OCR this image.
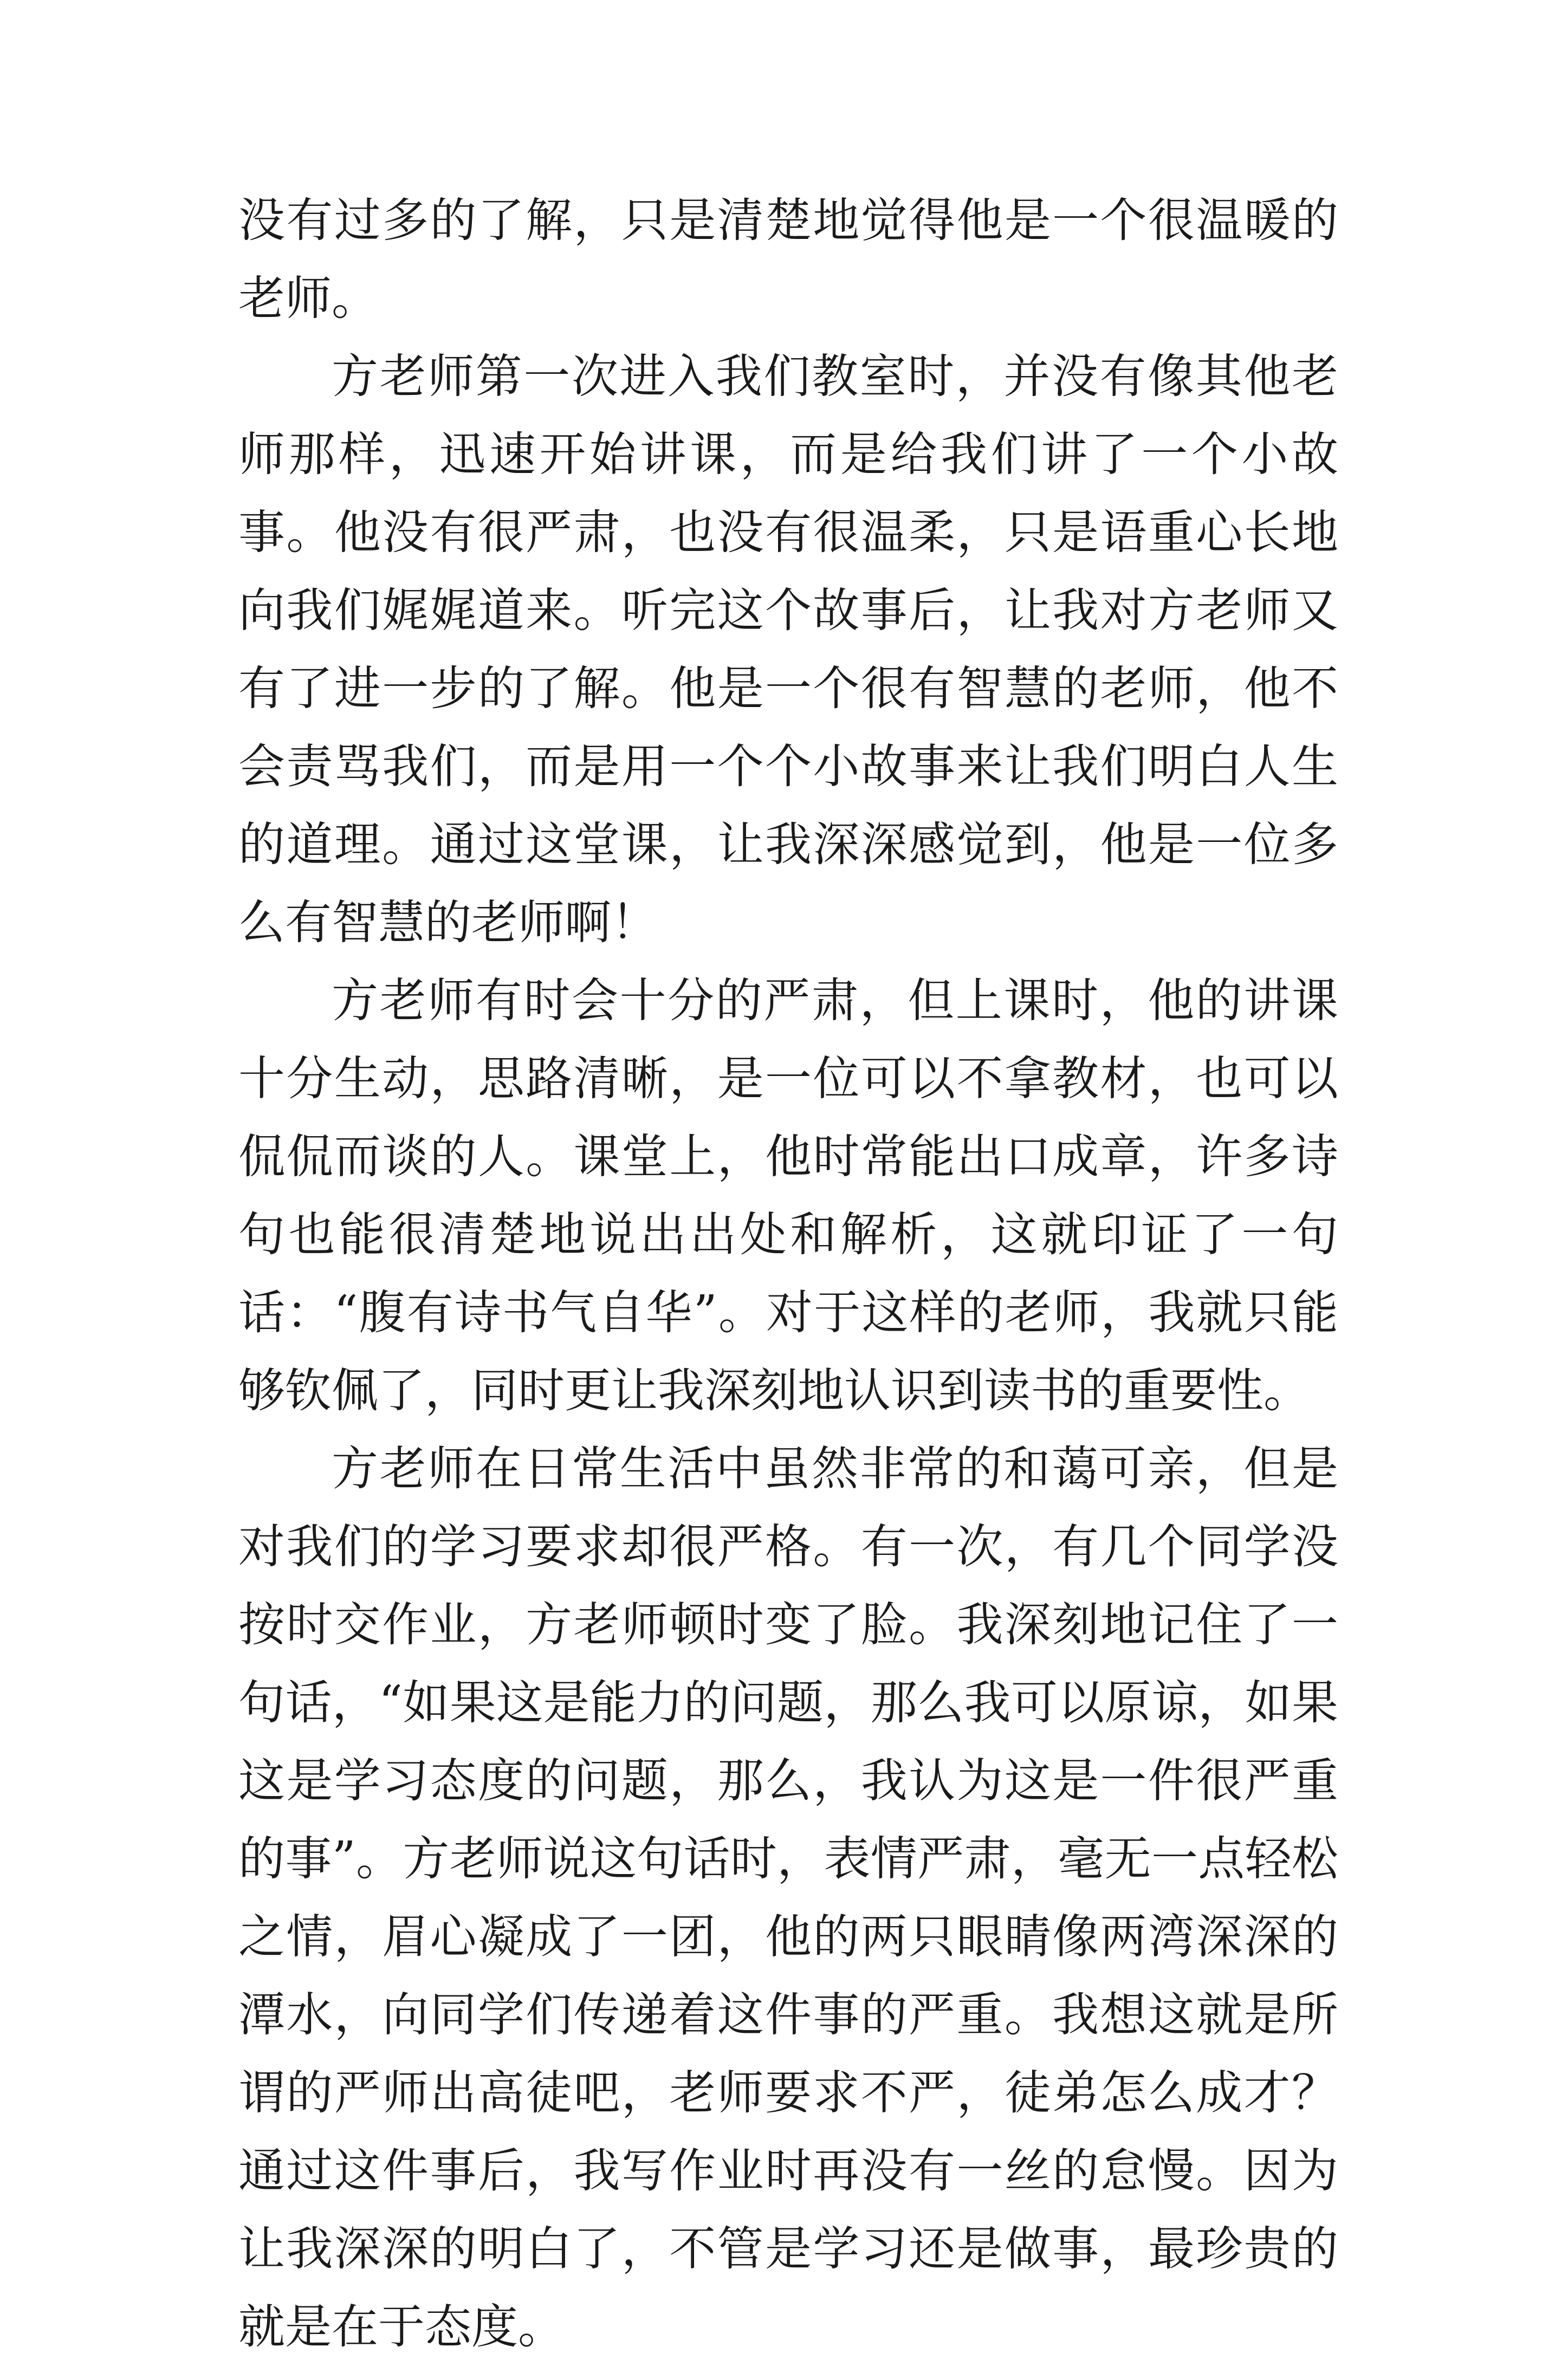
没有过多的了解，只是清楚地觉得他是一个很温暖的老师。

方老师第一次进入我们教室时，并没有像其他老师那样，迅速开始讲课，而是给我们讲了一个小故事。他没有很严肃，也没有很温柔，只是语重心长地向我们娓娓道来。听完这个故事后，让我对方老师又有了进一步的了解。他是一个很有智慧的老师，他不会责骂我们，而是用一个个小故事来让我们明白人生的道理。通过这堂课，让我深深感觉到，他是一位多么有智慧的老师啊！

方老师有时会十分的严肃，但上课时，他的讲课十分生动，思路清晰，是一位可以不拿教材，也可以侃侃而谈的人。课堂上，他时常能出口成章，许多诗句也能很清楚地说出出处和解析，这就印证了一句话：“腹有诗书气自华”。对于这样的老师，我就只能够钦佩了，同时更让我深刻地认识到读书的重要性。

方老师在日常生活中虽然非常的和蔼可亲，但是对我们的学习要求却很严格。有一次，有几个同学没按时交作业，方老师顿时变了脸。我深刻地记住了一句话，“如果这是能力的问题，那么我可以原谅，如果这是学习态度的问题，那么，我认为这是一件很严重的事”。方老师说这句话时，表情严肃，毫无一点轻松之情，眉心凝成了一团，他的两只眼睛像两湾深深的潭水，向同学们传递着这件事的严重。我想这就是所谓的严师出高徒吧，老师要求不严，徒弟怎么成才？通过这件事后，我写作业时再没有一丝的怠慢。因为让我深深的明白了，不管是学习还是做事，最珍贵的就是在于态度。
